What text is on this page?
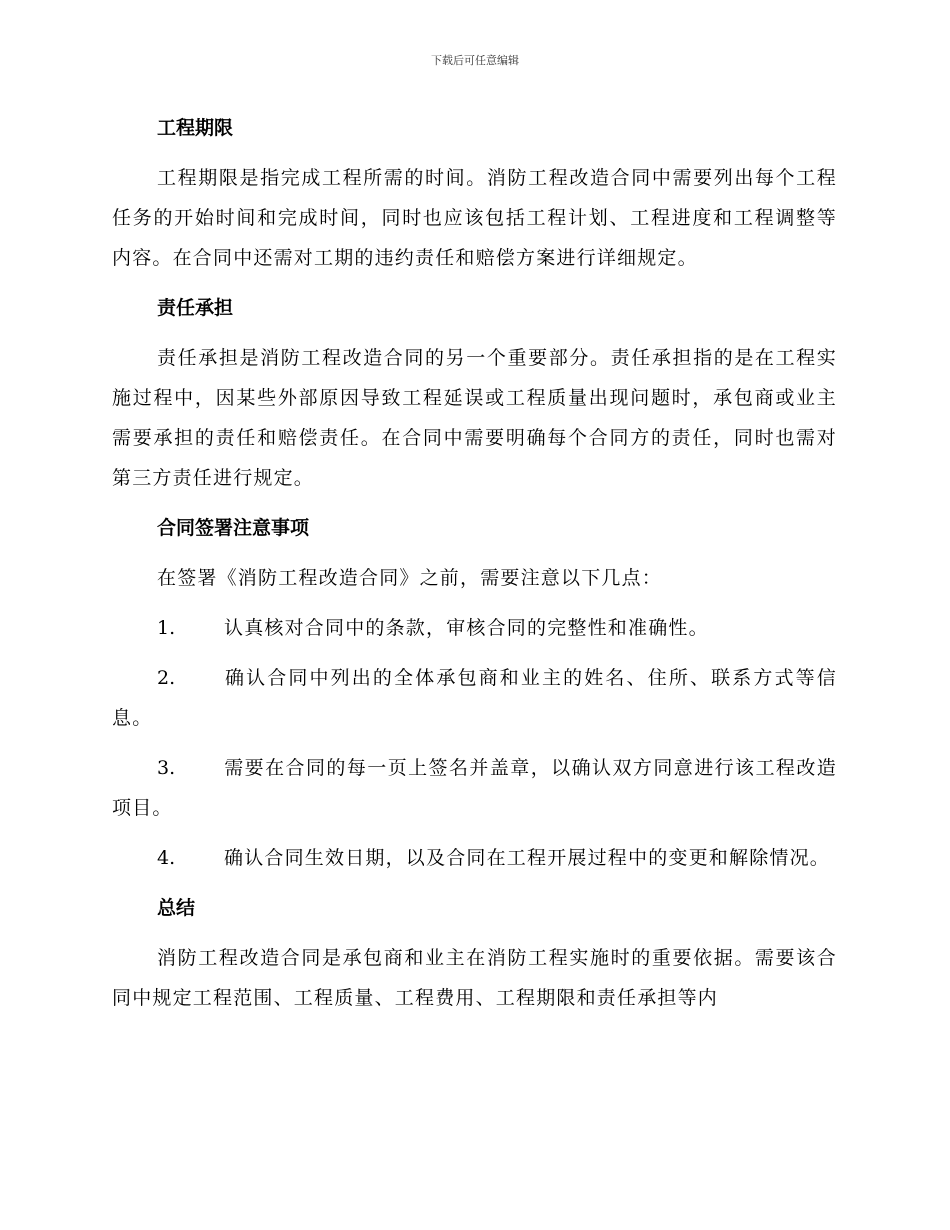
下载后可任意编辑
工程期限

工程期限是指完成工程所需的时间。消防工程改造合同中需要列出每个工程任务的开始时间和完成时间，同时也应该包括工程计划、工程进度和工程调整等内容。在合同中还需对工期的违约责任和赔偿方案进行详细规定。

责任承担

责任承担是消防工程改造合同的另一个重要部分。责任承担指的是在工程实施过程中，因某些外部原因导致工程延误或工程质量出现问题时，承包商或业主需要承担的责任和赔偿责任。在合同中需要明确每个合同方的责任，同时也需对第三方责任进行规定。

合同签署注意事项

在签署《消防工程改造合同》之前，需要注意以下几点：

1.	认真核对合同中的条款，审核合同的完整性和准确性。

2.	确认合同中列出的全体承包商和业主的姓名、住所、联系方式等信息。

3.	需要在合同的每一页上签名并盖章，以确认双方同意进行该工程改造项目。

4.	确认合同生效日期，以及合同在工程开展过程中的变更和解除情况。

总结

消防工程改造合同是承包商和业主在消防工程实施时的重要依据。需要该合同中规定工程范围、工程质量、工程费用、工程期限和责任承担等内
